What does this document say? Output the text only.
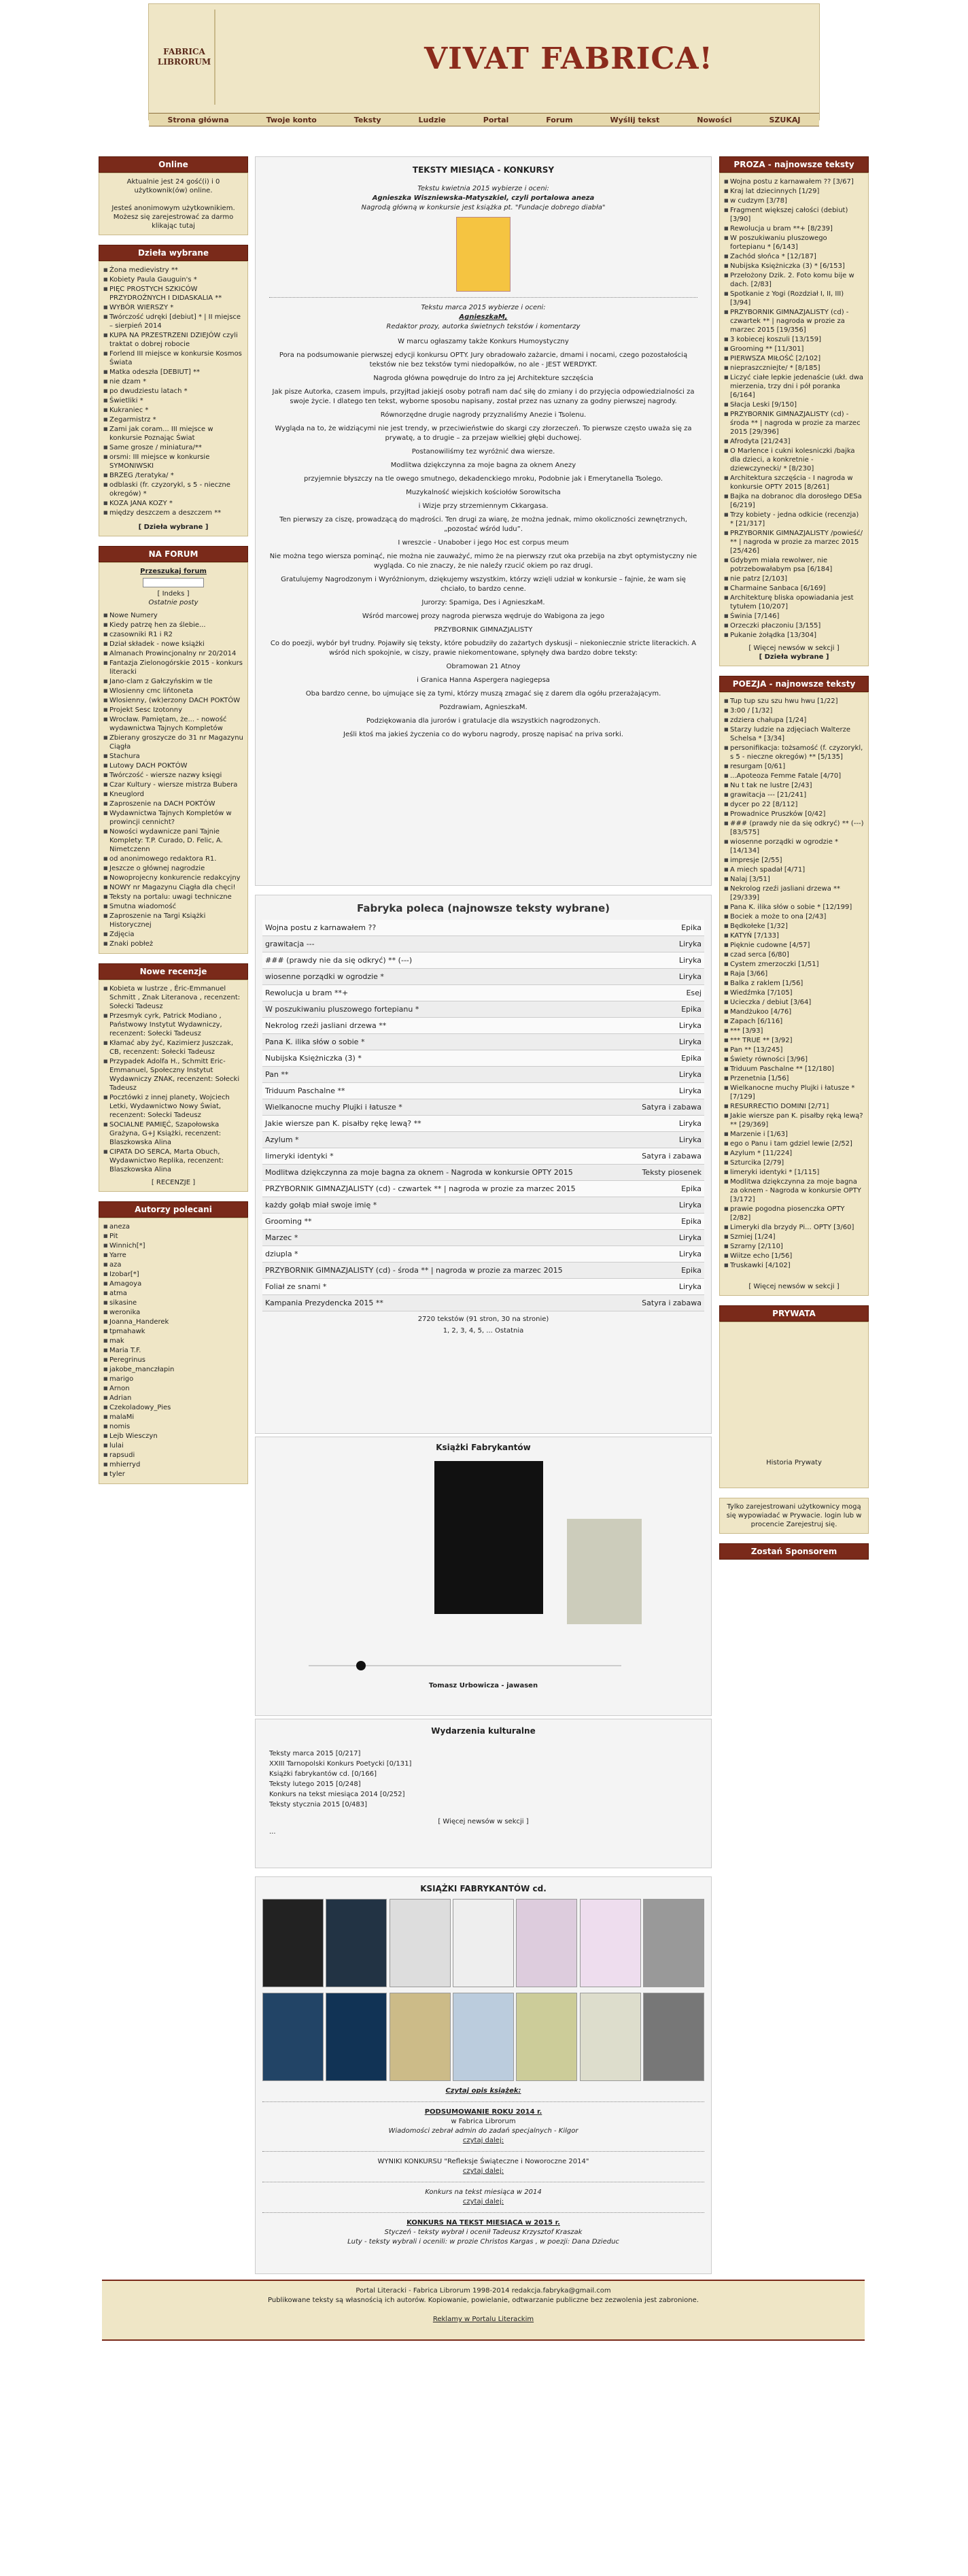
FABRICA LIBRORUM	VIVAT FABRICA!
Strona główna	Twoje konto	Teksty	Ludzie	Portal	Forum	Wyślij tekst	Nowości	SZUKAJ
Online

Aktualnie jest 24 gość(i) i 0 użytkownik(ów) online.

Jesteś anonimowym użytkownikiem. Możesz się zarejestrować za darmo klikając tutaj

Dzieła wybrane
■ Żona medievistry **
■ Kobiety Paula Gauguin's *
■ PIĘC PROSTYCH SZKICÓW PRZYDROŻNYCH I DIDASKALIA **
■ WYBÓR WIERSZY *
■ Twórczość udręki [debiut] * | II miejsce – sierpień 2014
■ KUPA NA PRZESTRZENI DZIEJÓW czyli traktat o dobrej robocie
■ Forlend III miejsce w konkursie Kosmos Świata
■ Matka odeszła [DEBIUT] **
■ nie dzam *
■ po dwudziestu latach *
■ Świetliki *
■ Kukraniec *
■ Zegarmistrz *
■ Zami jak coram... III miejsce w konkursie Poznając Świat
■ Same grosze / miniatura/**
■ orsmi: III miejsce w konkursie SYMONIWSKI
■ BRZEG /teratyka/ *
■ odblaski (fr. czyzorykl, s 5 - nieczne okregów) *
■ KOZA JANA KOZY *
■ między deszczem a deszczem **

[ Dzieła wybrane ]

NA FORUM

Przeszukaj forum

[ Indeks ]

Ostatnie posty

■ Nowe Numery
■ Kiedy patrzę hen za ślebie...
■ czasowniki R1 i R2
■ Dział składek - nowe książki
■ Almanach Prowincjonalny nr 20/2014
■ Fantazja Zielonogórskie 2015 - konkurs literacki
■ Jano-clam z Gałczyńskim w tle
■ Wlosienny cmc lińtoneta
■ Wlosienny, (wk)erzony DACH POKTÓW
■ Projekt Sesc Izotonny
■ Wrocław. Pamiętam, że... - nowość wydawnictwa Tajnych Kompletów
■ Zbierany groszycze do 31 nr Magazynu Ciągła
■ Stachura
■ Lutowy DACH POKTÓW
■ Twórczość - wiersze nazwy księgi
■ Czar Kultury - wiersze mistrza Bubera
■ Kneuglord
■ Zaproszenie na DACH POKTÓW
■ Wydawnictwa Tajnych Kompletów w prowincji cennicht?
■ Nowości wydawnicze pani Tajnie Komplety: T.P. Curado, D. Felic, A. Nimetczenn
■ od anonimowego redaktora R1.
■ Jeszcze o głównej nagrodzie
■ Nowoprojecny konkurencie redakcyjny
■ NOWY nr Magazynu Ciągła dla chęci!
■ Teksty na portalu: uwagi techniczne
■ Smutna wiadomość
■ Zaproszenie na Targi Książki Historycznej
■ Zdjęcia
■ Znaki pobłeż
Nowe recenzje
■ Kobieta w lustrze , Éric-Emmanuel Schmitt , Znak Literanova , recenzent: Sołecki Tadeusz
■ Przesmyk cyrk, Patrick Modiano , Państwowy Instytut Wydawniczy, recenzent: Sołecki Tadeusz
■ Kłamać aby żyć, Kazimierz Juszczak, CB, recenzent: Sołecki Tadeusz
■ Przypadek Adolfa H., Schmitt Eric-Emmanuel, Społeczny Instytut Wydawniczy ZNAK, recenzent: Sołecki Tadeusz
■ Pocztówki z innej planety, Wojciech Letki, Wydawnictwo Nowy Świat, recenzent: Sołecki Tadeusz
■ SOCIALNE PAMIĘĆ, Szapołowska Grażyna, G+J Książki, recenzent: Blaszkowska Alina
■ CIPATA DO SERCA, Marta Obuch, Wydawnictwo Replika, recenzent: Blaszkowska Alina

[ RECENZJE ]

Autorzy polecani
■ aneza
■ Pit
■ Winnich[*]
■ Yarre
■ aza
■ Izobar[*]
■ Amagoya
■ atma
■ sikasine
■ weronika
■ Joanna_Handerek
■ tpmahawk
■ mak
■ Maria T.F.
■ Peregrinus
■ jakobe_manczłapin
■ marigo
■ Arnon
■ Adrian
■ Czekoladowy_Pies
■ malaMi
■ nomis
■ Lejb Wiesczyn
■ lulai
■ rapsudi
■ mhierryd
■ tyler
TEKSTY MIESIĄCA - KONKURSY

Tekstu kwietnia 2015 wybierze i oceni:

Agnieszka Wiszniewska-Matyszkiel, czyli portalowa aneza

Nagrodą główną w konkursie jest książka pt. "Fundacje dobrego diabła"

Tekstu marca 2015 wybierze i oceni:

AgnieszkaM,

Redaktor prozy, autorka świetnych tekstów i komentarzy

W marcu ogłaszamy także Konkurs Humoystyczny

Pora na podsumowanie pierwszej edycji konkursu OPTY. Jury obradowało zażarcie, dmami i nocami, czego pozostałością tekstów nie bez tekstów tymi niedopałków, no ale - JEST WERDYKT.

Nagroda główna powędruje do Intro za jej Architekture szczęścia

Jak pisze Autorka, czasem impuls, przyjłtad jakiejś osoby potrafi nam dać siłę do zmiany i do przyjęcia odpowiedzialności za swoje życie. I dlatego ten tekst, wyborne sposobu napisany, został przez nas uznany za godny pierwszej nagrody.

Równorzędne drugie nagrody przyznaliśmy Anezie i Tsolenu.

Wygląda na to, że widziącymi nie jest trendy, w przeciwieństwie do skargi czy złorzeczeń. To pierwsze często uważa się za prywatę, a to drugie – za przejaw wielkiej głębi duchowej.

Postanowiliśmy tez wyróżnić dwa wiersze.

Modlitwa dziękczynna za moje bagna za oknem Anezy

przyjemnie błyszczy na tle owego smutnego, dekadenckiego mroku, Podobnie jak i Emerytanella Tsolego.

Muzykalność wiejskich kościołów Sorowitscha

i Wizje przy strzemiennym Ckkargasa.

Ten pierwszy za ciszę, prowadzącą do mądrości. Ten drugi za wiarę, że można jednak, mimo okoliczności zewnętrznych, „pozostać wśród ludu”.

I wreszcie - Unabober i jego Hoc est corpus meum

Nie można tego wiersza pominąć, nie można nie zauważyć, mimo że na pierwszy rzut oka przebija na zbyt optymistyczny nie wygląda. Co nie znaczy, że nie naleźy rzucić okiem po raz drugi.

Gratulujemy Nagrodzonym i Wyróżnionym, dziękujemy wszystkim, którzy wzięli udział w konkursie – fajnie, że wam się chciało, to bardzo cenne.

Jurorzy: Spamiga, Des i AgnieszkaM.

Wśród marcowej prozy nagroda pierwsza wędruje do Wabigona za jego

PRZYBORNIK GIMNAZJALISTY

Co do poezji, wybór był trudny. Pojawiły się teksty, które pobudziły do zażartych dyskusji – niekoniecznie stricte literackich. A wśród nich spokojnie, w ciszy, prawie niekomentowane, spłynęły dwa bardzo dobre teksty:

Obramowan 21 Atnoy

i Granica Hanna Aspergera nagiegepsa

Oba bardzo cenne, bo ujmujące się za tymi, którzy muszą zmagać się z darem dla ogółu przerażającym.

Pozdrawiam, AgnieszkaM.

Podziękowania dla jurorów i gratulacje dla wszystkich nagrodzonych.

Jeśli ktoś ma jakieś życzenia co do wyboru nagrody, proszę napisać na priva sorki.

Fabryka poleca (najnowsze teksty wybrane)
Wojna postu z karnawałem ??	Epika
grawitacja ---	Liryka
### (prawdy nie da się odkryć) ** (---)	Liryka
wiosenne porządki w ogrodzie *	Liryka
Rewolucja u bram **+	Esej
W poszukiwaniu pluszowego fortepianu *	Epika
Nekrolog rzeźi jasliani drzewa **	Liryka
Pana K. ilika słów o sobie *	Liryka
Nubijska Księżniczka (3) *	Epika
Pan **	Liryka
Triduum Paschalne **	Liryka
Wielkanocne muchy Plujki i łatusze *	Satyra i zabawa
Jakie wiersze pan K. pisałby rękę lewą? **	Liryka
Azylum *	Liryka
limeryki identyki *	Satyra i zabawa
Modlitwa dziękczynna za moje bagna za oknem - Nagroda w konkursie OPTY 2015	Teksty piosenek
PRZYBORNIK GIMNAZJALISTY (cd) - czwartek ** | nagroda w prozie za marzec 2015	Epika
każdy gołąb miał swoje imię *	Liryka
Grooming **	Epika
Marzec *	Liryka
dziupla *	Liryka
PRZYBORNIK GIMNAZJALISTY (cd) - środa ** | nagroda w prozie za marzec 2015	Epika
Foliał ze snami *	Liryka
Kampania Prezydencka 2015 **	Satyra i zabawa

2720 tekstów (91 stron, 30 na stronie)

1, 2, 3, 4, 5, ... Ostatnia

Książki Fabrykantów

Tomasz Urbowicza - jawasen

Wydarzenia kulturalne
Teksty marca 2015 [0/217]
XXIII Tarnopolski Konkurs Poetycki [0/131]
Książki fabrykantów cd. [0/166]
Teksty lutego 2015 [0/248]
Konkurs na tekst miesiąca 2014 [0/252]
Teksty stycznia 2015 [0/483]

[ Więcej newsów w sekcji ]

...

KSIĄŻKI FABRYKANTÓW cd.

Czytaj opis książek:

PODSUMOWANIE ROKU 2014 r.

w Fabrica Librorum

Wiadomości zebrał admin do zadań specjalnych - Kilgor

czytaj dalej:

WYNIKI KONKURSU "Refleksje Świąteczne i Noworoczne 2014"

czytaj dalej:

Konkurs na tekst miesiąca w 2014

czytaj dalej:

KONKURS NA TEKST MIESIĄCA w 2015 r.

Styczeń - teksty wybrał i ocenił Tadeusz Krzysztof Kraszak

Luty - teksty wybrali i ocenili: w prozie Christos Kargas , w poezji: Dana Dzieduc

PROZA - najnowsze teksty
■ Wojna postu z karnawałem ?? [3/67]
■ Kraj lat dziecinnych [1/29]
■ w cudzym [3/78]
■ Fragment większej całości (debiut) [3/90]
■ Rewolucja u bram **+ [8/239]
■ W poszukiwaniu pluszowego fortepianu * [6/143]
■ Zachód słońca * [12/187]
■ Nubijska Księżniczka (3) * [6/153]
■ Przełożony Dzik. 2. Foto komu bije w dach. [2/83]
■ Spotkanie z Yogi (Rozdział I, II, III) [3/94]
■ PRZYBORNIK GIMNAZJALISTY (cd) - czwartek ** | nagroda w prozie za marzec 2015 [19/356]
■ 3 kobiecej koszuli [13/159]
■ Grooming ** [11/301]
■ PIERWSZA MIŁOŚĆ [2/102]
■ niepraszczniejte/ * [8/185]
■ Liczyć ciałe lepkie jedenaście (ukł. dwa mierzenia, trzy dni i pół poranka [6/164]
■ Słacja Leski [9/150]
■ PRZYBORNIK GIMNAZJALISTY (cd) - środa ** | nagroda w prozie za marzec 2015 [29/396]
■ Afrodyta [21/243]
■ O Marlence i cukni kolesniczki /bajka dla dzieci, a konkretnie - dziewczynecki/ * [8/230]
■ Architektura szczęścia - I nagroda w konkursie OPTY 2015 [8/261]
■ Bajka na dobranoc dla dorosłego DESa [6/219]
■ Trzy kobiety - jedna odkicie (recenzja) * [21/317]
■ PRZYBORNIK GIMNAZJALISTY /powieść/ ** | nagroda w prozie za marzec 2015 [25/426]
■ Gdybym miała rewolwer, nie potrzebowałabym psa [6/184]
■ nie patrz [2/103]
■ Charmaine Sanbaca [6/169]
■ Architekturę bliska opowiadania jest tytułem [10/207]
■ Świnia [7/146]
■ Orzeczki płaczoniu [3/155]
■ Pukanie żołądka [13/304]

[ Więcej newsów w sekcji ]

[ Dzieła wybrane ]

POEZJA - najnowsze teksty
■ Tup tup szu szu hwu hwu [1/22]
■ 3:00 / [1/32]
■ zdziera chałupa [1/24]
■ Starzy ludzie na zdjęciach Walterze Schelsa * [3/34]
■ personifikacja: tożsamość (f. czyzorykl, s 5 - nieczne okregów) ** [5/135]
■ resurgam [0/61]
■ ...Apoteoza Femme Fatale [4/70]
■ Nu t tak ne lustre [2/43]
■ grawitacja --- [21/241]
■ dycer po 22 [8/112]
■ Prowadnice Pruszków [0/42]
■ ### (prawdy nie da się odkryć) ** (---) [83/575]
■ wiosenne porządki w ogrodzie * [14/134]
■ impresje [2/55]
■ A miech spadał [4/71]
■ Nalaj [3/51]
■ Nekrolog rzeźi jasliani drzewa ** [29/339]
■ Pana K. ilika słów o sobie * [12/199]
■ Bociek a może to ona [2/43]
■ Będkołeke [1/32]
■ KATYŃ [7/133]
■ Pięknie cudowne [4/57]
■ czad serca [6/80]
■ Cystem zmerzoczki [1/51]
■ Raja [3/66]
■ Balka z raklem [1/56]
■ Wiedźmka [7/105]
■ Ucieczka / debiut [3/64]
■ Mandżukoo [4/76]
■ Zapach [6/116]
■ *** [3/93]
■ *** TRUE ** [3/92]
■ Pan ** [13/245]
■ Świety równości [3/96]
■ Triduum Paschalne ** [12/180]
■ Przenetnia [1/56]
■ Wielkanocne muchy Plujki i łatusze * [7/129]
■ RESURRECTIO DOMINI [2/71]
■ Jakie wiersze pan K. pisałby ręką lewą? ** [29/369]
■ Marzenie i [1/63]
■ ego o Panu i tam gdziel lewie [2/52]
■ Azylum * [11/224]
■ Szturcika [2/79]
■ limeryki identyki * [1/115]
■ Modlitwa dziękczynna za moje bagna za oknem - Nagroda w konkursie OPTY [3/172]
■ prawie pogodna piosenczka OPTY [2/82]
■ Limeryki dla brzydy Pi... OPTY [3/60]
■ Szmiej [1/24]
■ Szrarny [2/110]
■ Wiitze echo [1/56]
■ Truskawki [4/102]

[ Więcej newsów w sekcji ]

PRYWATA

Historia Prywaty

Tylko zarejestrowani użytkownicy mogą się wypowiadać w Prywacie. login lub w procencie Zarejestruj się.

Zostań Sponsorem

Portal Literacki - Fabrica Librorum 1998-2014 redakcja.fabryka@gmail.com

Publikowane teksty są własnością ich autorów. Kopiowanie, powielanie, odtwarzanie publiczne bez zezwolenia jest zabronione.

Reklamy w Portalu Literackim
